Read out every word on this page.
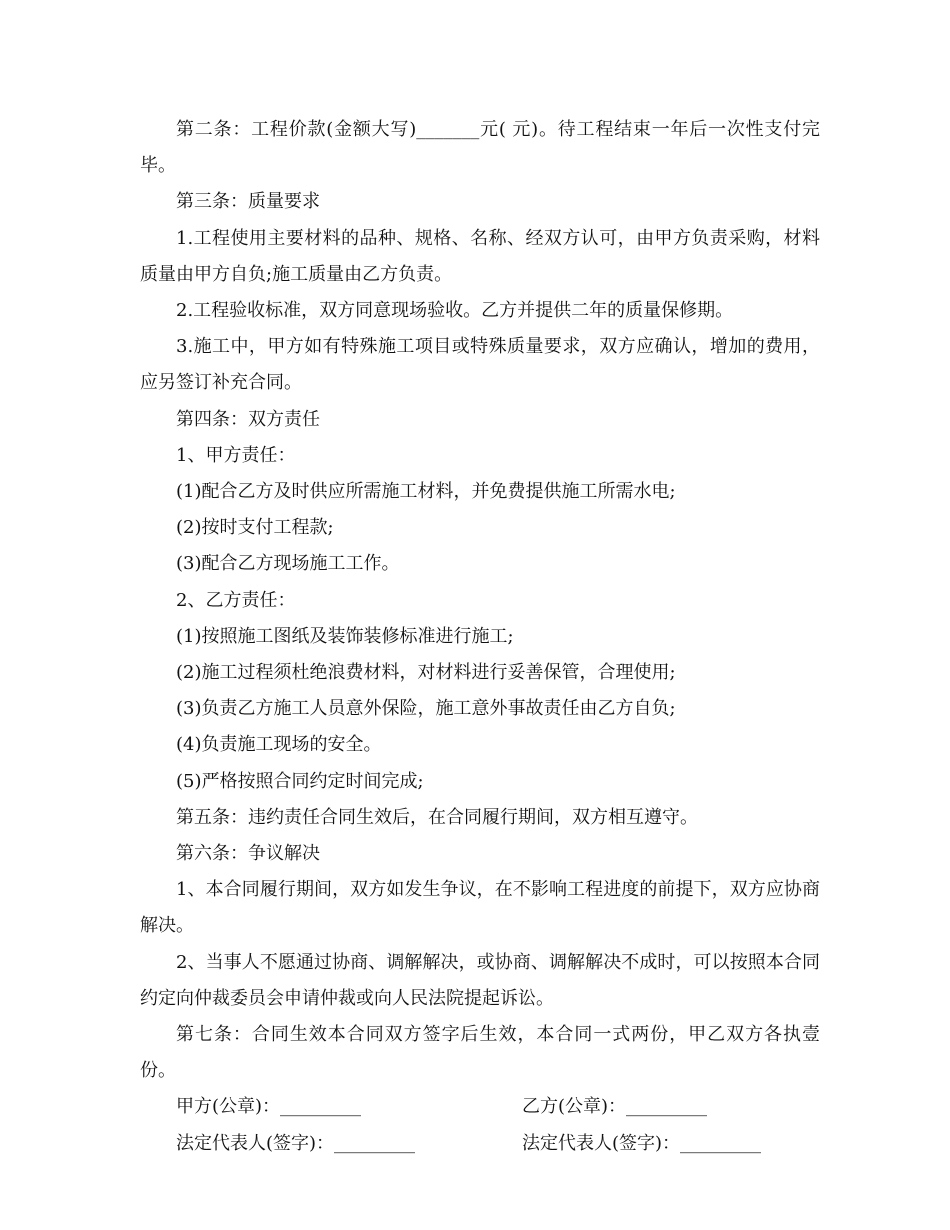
第二条：工程价款(金额大写)_______元( 元)。待工程结束一年后一次性支付完毕。

第三条：质量要求

1.工程使用主要材料的品种、规格、名称、经双方认可，由甲方负责采购，材料质量由甲方自负;施工质量由乙方负责。

2.工程验收标准，双方同意现场验收。乙方并提供二年的质量保修期。

3.施工中，甲方如有特殊施工项目或特殊质量要求，双方应确认，增加的费用，应另签订补充合同。

第四条：双方责任

1、甲方责任：

(1)配合乙方及时供应所需施工材料，并免费提供施工所需水电;

(2)按时支付工程款;

(3)配合乙方现场施工工作。

2、乙方责任：

(1)按照施工图纸及装饰装修标准进行施工;

(2)施工过程须杜绝浪费材料，对材料进行妥善保管，合理使用;

(3)负责乙方施工人员意外保险，施工意外事故责任由乙方自负;

(4)负责施工现场的安全。

(5)严格按照合同约定时间完成;

第五条：违约责任合同生效后，在合同履行期间，双方相互遵守。

第六条：争议解决

1、本合同履行期间，双方如发生争议，在不影响工程进度的前提下，双方应协商解决。

2、当事人不愿通过协商、调解解决，或协商、调解解决不成时，可以按照本合同约定向仲裁委员会申请仲裁或向人民法院提起诉讼。

第七条：合同生效本合同双方签字后生效，本合同一式两份，甲乙双方各执壹份。

甲方(公章)：_________	乙方(公章)：_________
法定代表人(签字)：_________	法定代表人(签字)：_________
